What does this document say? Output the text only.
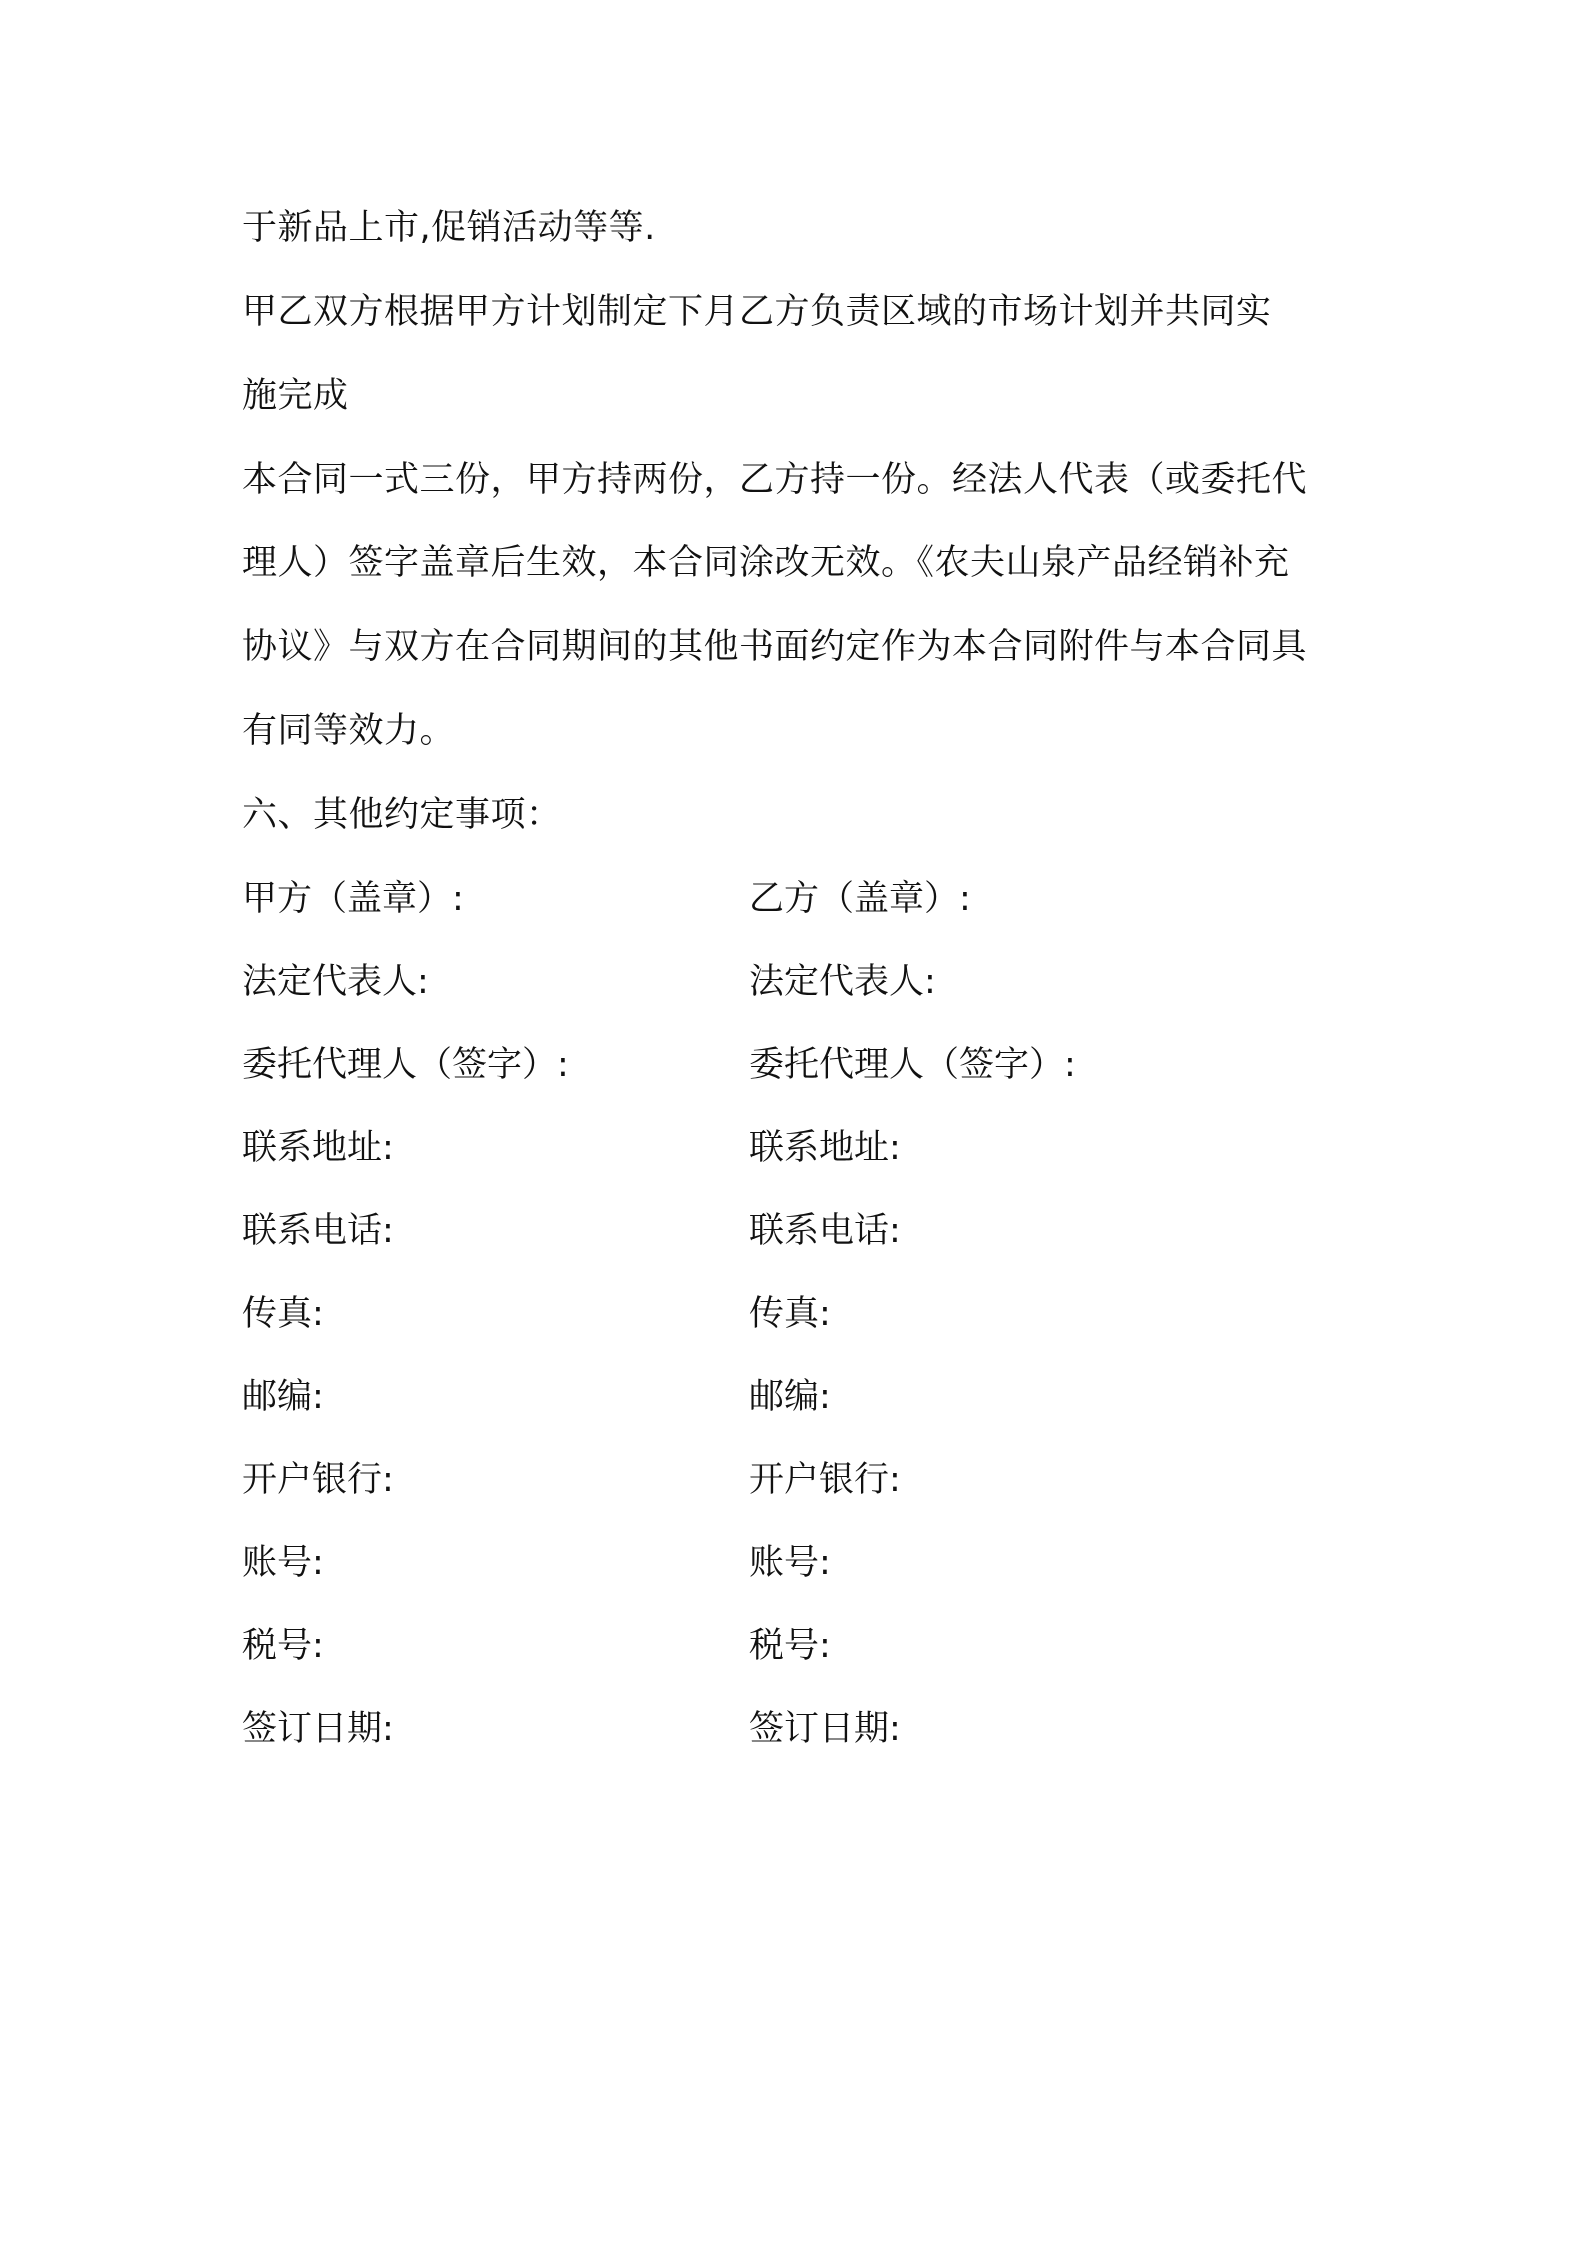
于新品上市,促销活动等等.
甲乙双方根据甲方计划制定下月乙方负责区域的市场计划并共同实
施完成
本合同一式三份，甲方持两份，乙方持一份。经法人代表（或委托代
理人）签字盖章后生效，本合同涂改无效。《农夫山泉产品经销补充
协议》与双方在合同期间的其他书面约定作为本合同附件与本合同具
有同等效力。
六、其他约定事项：
甲方（盖章）:	乙方（盖章）:
法定代表人:	法定代表人:
委托代理人（签字）:	委托代理人（签字）:
联系地址:	联系地址:
联系电话:	联系电话:
传真:	传真:
邮编:	邮编:
开户银行:	开户银行:
账号:	账号:
税号:	税号:
签订日期:	签订日期:
